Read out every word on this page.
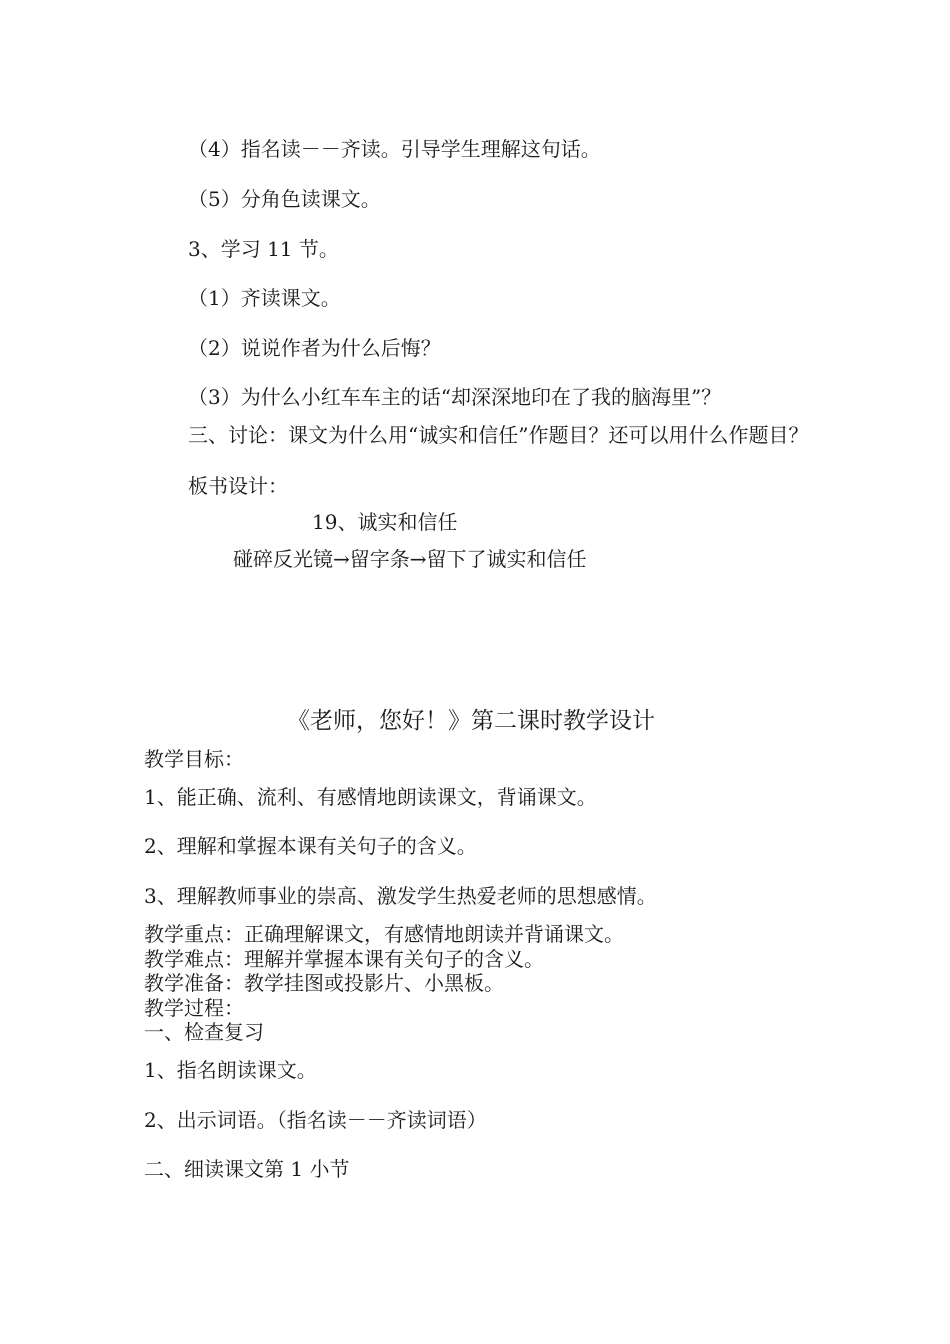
（4）指名读－－齐读。引导学生理解这句话。
（5）分角色读课文。
3、学习 11 节。
（1）齐读课文。
（2）说说作者为什么后悔？
（3）为什么小红车车主的话“却深深地印在了我的脑海里”？
三、讨论：课文为什么用“诚实和信任”作题目？还可以用什么作题目？
板书设计：
19、诚实和信任
碰碎反光镜→留字条→留下了诚实和信任
《老师，您好！》第二课时教学设计
教学目标：
1、能正确、流利、有感情地朗读课文，背诵课文。
2、理解和掌握本课有关句子的含义。
3、理解教师事业的崇高、激发学生热爱老师的思想感情。
教学重点：正确理解课文，有感情地朗读并背诵课文。
教学难点：理解并掌握本课有关句子的含义。
教学准备：教学挂图或投影片、小黑板。
教学过程：
一、检查复习
1、指名朗读课文。
2、出示词语。（指名读－－齐读词语）
二、细读课文第 1 小节
